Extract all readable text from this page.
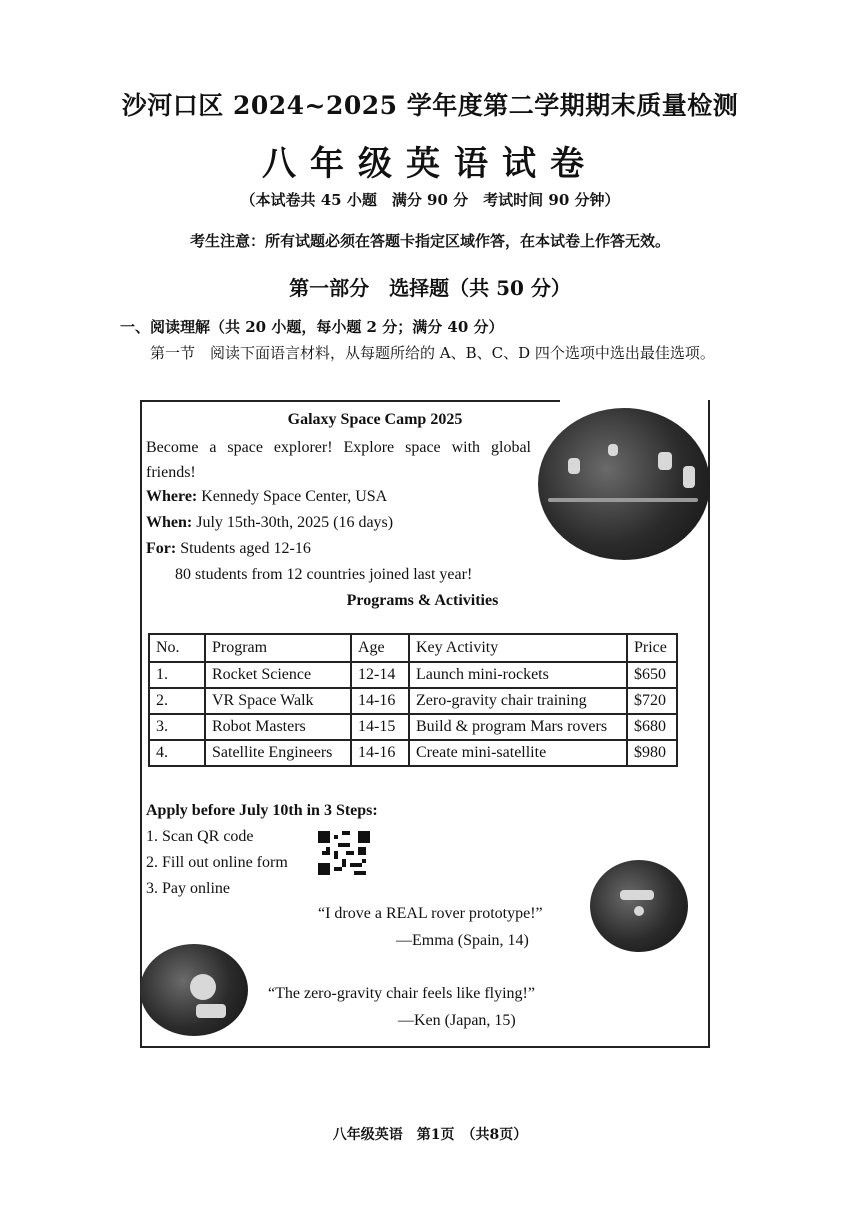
沙河口区 2024~2025 学年度第二学期期末质量检测
八年级英语试卷
（本试卷共 45 小题　满分 90 分　考试时间 90 分钟）
考生注意：所有试题必须在答题卡指定区域作答，在本试卷上作答无效。
第一部分　选择题（共 50 分）
一、阅读理解（共 20 小题，每小题 2 分；满分 40 分）
第一节　阅读下面语言材料，从每题所给的 A、B、C、D 四个选项中选出最佳选项。
Galaxy Space Camp 2025
Become a space explorer! Explore space with global friends!
Where: Kennedy Space Center, USA
When: July 15th-30th, 2025 (16 days)
For: Students aged 12-16
80 students from 12 countries joined last year!
Programs & Activities
No.	Program	Age	Key Activity	Price
1.	Rocket Science	12-14	Launch mini-rockets	$650
2.	VR Space Walk	14-16	Zero-gravity chair training	$720
3.	Robot Masters	14-15	Build & program Mars rovers	$680
4.	Satellite Engineers	14-16	Create mini-satellite	$980
Apply before July 10th in 3 Steps:
1. Scan QR code
2. Fill out online form
3. Pay online
“I drove a REAL rover prototype!”
—Emma (Spain, 14)
“The zero-gravity chair feels like flying!”
—Ken (Japan, 15)
八年级英语　第1页　（共8页）
